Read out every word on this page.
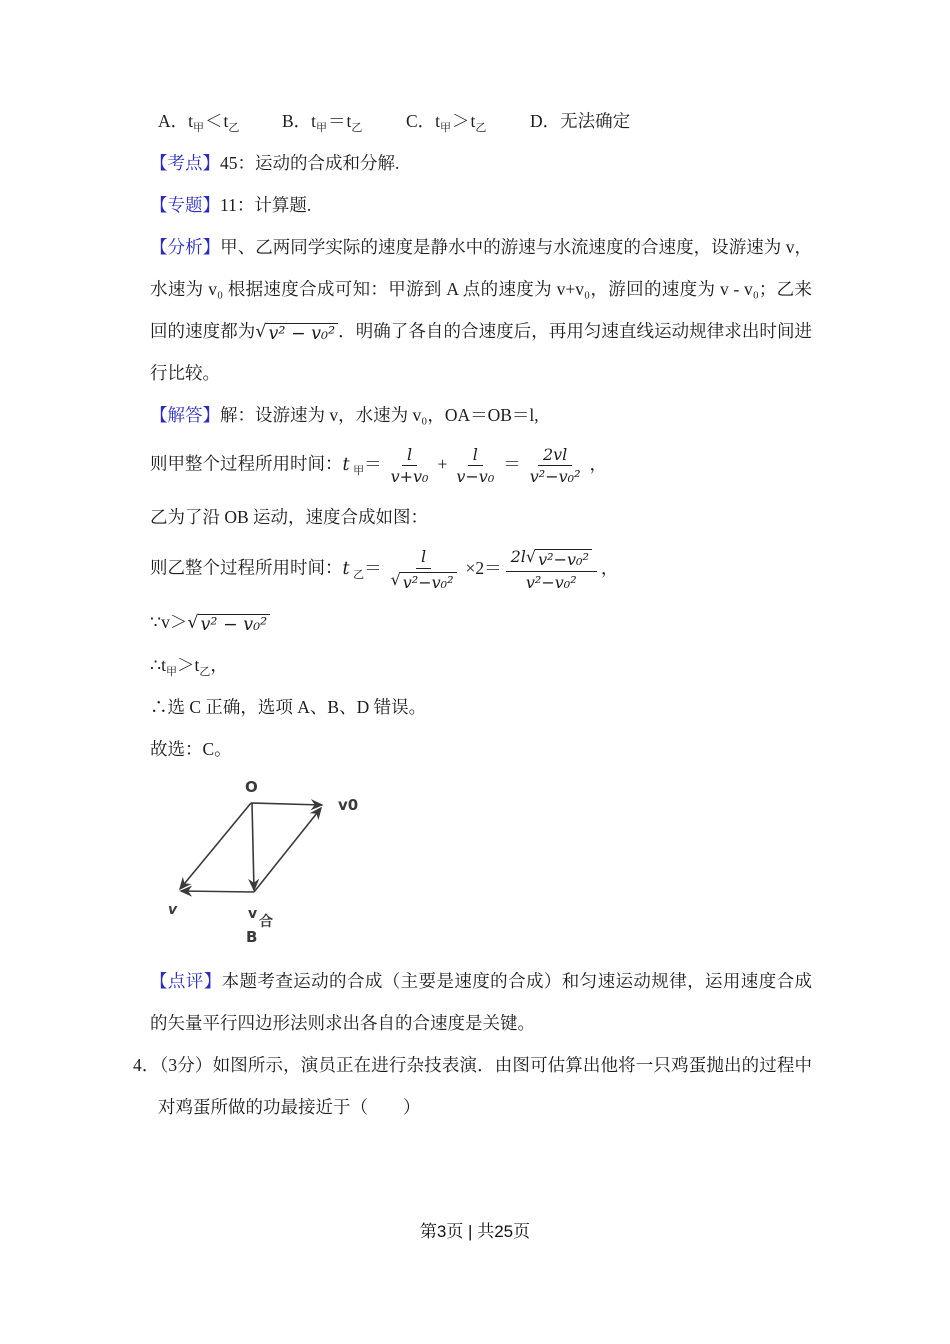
A．$t_甲<t_乙$ B．$t_甲=t_乙$ C．$t_甲>t_乙$ D．无法确定

【考点】45：运动的合成和分解.

【专题】11：计算题.

【分析】甲、乙两同学实际的速度是静水中的游速与水流速度的合速度，设游速为 v，水速为 v₀ 根据速度合成可知：甲游到 A 点的速度为 v+v₀，游回的速度为 v - v₀；乙来回的速度都为 √ v² − v₀² ．明确了各自的合速度后，再用匀速直线运动规律求出时间进行比较。

【解答】解：设游速为 v，水速为 v₀，OA＝OB＝l,

则甲整个过程所用时间：t  $_甲= \frac{l}{\text{v+v₀}} + \frac{l}{\text{v−v₀}} = \frac{2vl}{\text{v²−v₀²}}$ ，

乙为了沿 OB 运动，速度合成如图：

则乙整个过程所用时间：t  $_乙= \frac{l}{\text{√ v²−v₀²}} \times 2= \frac{\text{2l √ v²−v₀²}}{\text{v²−v₀²}}$ ，

∵v＞ √ v² − v₀²

$\therefore t_甲>t_乙$，

∴选 C 正确，选项 A、B、D 错误。

故选：C。

O
v0
v	v 合
B

【点评】本题考查运动的合成（主要是速度的合成）和匀速运动规律，运用速度合成的矢量平行四边形法则求出各自的合速度是关键。

4．（3分）如图所示，演员正在进行杂技表演．由图可估算出他将一只鸡蛋抛出的过程中对鸡蛋所做的功最接近于（　　）

第3页 | 共25页
